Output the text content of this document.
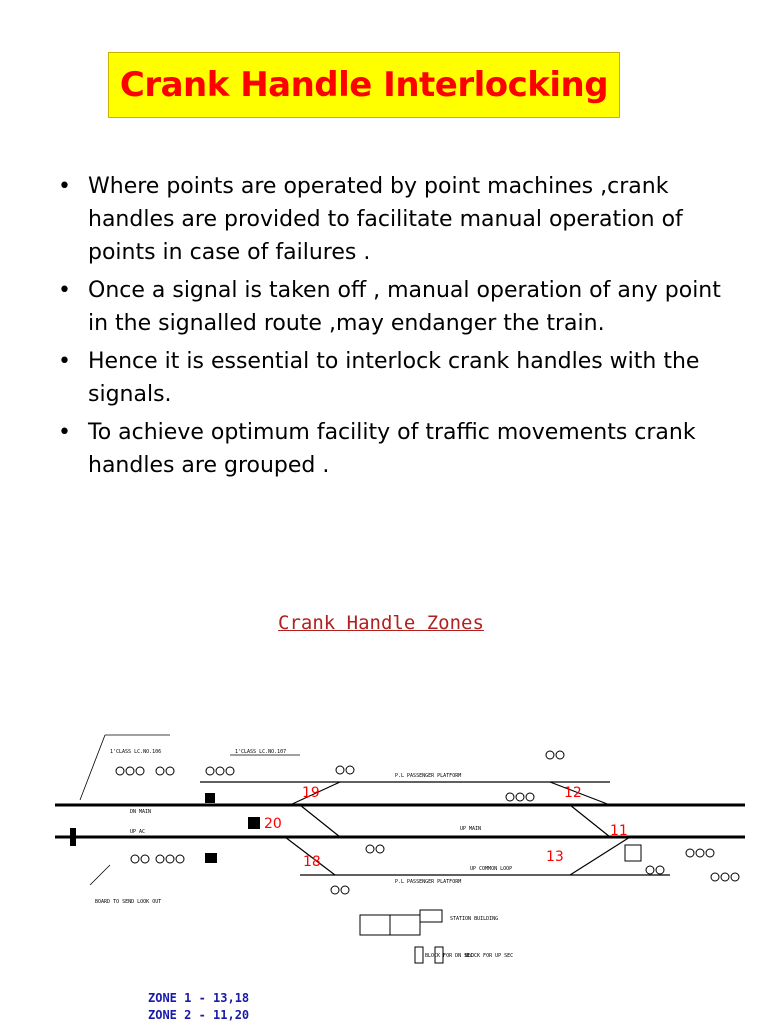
Crank Handle Interlocking
• Where points are operated by point machines ,crank handles are provided to facilitate manual operation of points in case of failures .
• Once a signal is taken off , manual operation of any point in the signalled route ,may endanger the train.
• Hence it is essential to interlock crank handles with the signals.
• To achieve optimum facility of traffic movements crank handles are grouped .
Crank Handle Zones
P.L PASSENGER PLATFORM
P.L PASSENGER PLATFORM
DN MAIN
UP AC	UP MAIN
UP COMMON LOOP
STATION BUILDING
BLOCK FOR DN SEC
BLOCK FOR UP SEC
1'CLASS LC.NO.106	1'CLASS LC.NO.107
BOARD TO SEND LOOK OUT
19	12
20	11
18	13
ZONE 1 - 13,18
ZONE 2 - 11,20
